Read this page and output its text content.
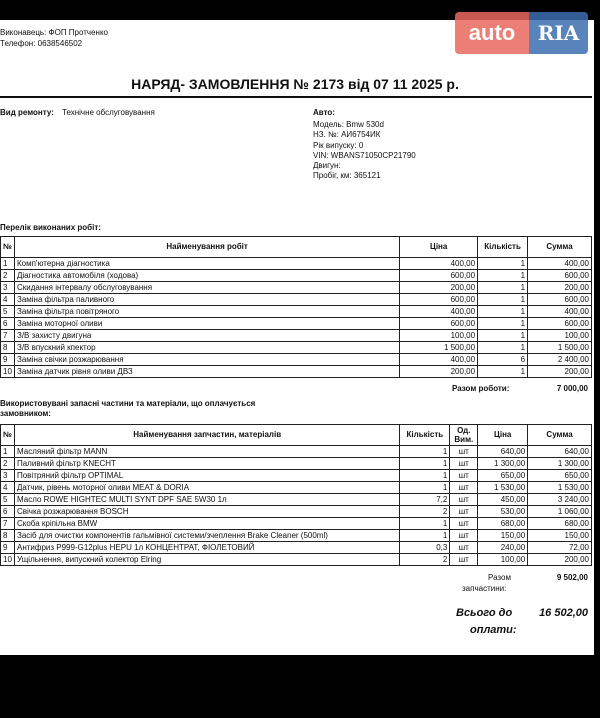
Виконавець: ФОП Протченко
Телефон: 0638546502	auto	RIA
НАРЯД- ЗАМОВЛЕННЯ № 2173 від 07 11 2025 р.
Вид ремонту: Технічне обслуговування	Авто:
Модель: Bmw 530d
НЗ. №: АИ6754ИК
Рік випуску: 0
VIN: WBANS71050CP21790
Двигун:
Пробіг, км: 365121
Перелік виконаних робіт:
№	Найменування робіт	Ціна	Кількість	Сумма
1	Комп'ютерна діагностика	400,00	1	400,00
2	Діагностика автомобіля (ходова)	600,00	1	600,00
3	Скидання інтервалу обслуговування	200,00	1	200,00
4	Заміна фільтра паливного	600,00	1	600,00
5	Заміна фільтра повітряного	400,00	1	400,00
6	Заміна моторної оливи	600,00	1	600,00
7	З/В захисту двигуна	100,00	1	100,00
8	З/В впускний кпектор	1 500,00	1	1 500,00
9	Заміна свічки розжарювання	400,00	6	2 400,00
10	Заміна датчик рівня оливи ДВЗ	200,00	1	200,00
Разом роботи:	7 000,00
Використовувані запасні частини та матеріали, що оплачується
замовником:
№	Найменування запчастин, матеріалів	Кількість	Од. Вим.	Ціна	Сумма
1	Масляний фільтр MANN	1	шт	640,00	640,00
2	Паливний фільтр KNECHT	1	шт	1 300,00	1 300,00
3	Повітряний фільтр OPTIMAL	1	шт	650,00	650,00
4	Датчик, рівень моторної оливи MEAT & DORIA	1	шт	1 530,00	1 530,00
5	Масло ROWE HIGHTEC MULTI SYNT DPF SAE 5W30 1л	7,2	шт	450,00	3 240,00
6	Свічка розжарювання BOSCH	2	шт	530,00	1 060,00
7	Скоба кріпільна BMW	1	шт	680,00	680,00
8	Засіб для очистки компонентів гальмівної системи/зчеплення Brake Cleaner (500ml)	1	шт	150,00	150,00
9	Антифриз Р999-G12plus HEPU 1л КОНЦЕНТРАТ, ФІОЛЕТОВИЙ	0,3	шт	240,00	72,00
10	Ущільнення, випускний колектор Elring	2	шт	100,00	200,00
Разом
запчастини:
9 502,00
Всього до
оплати:
16 502,00
